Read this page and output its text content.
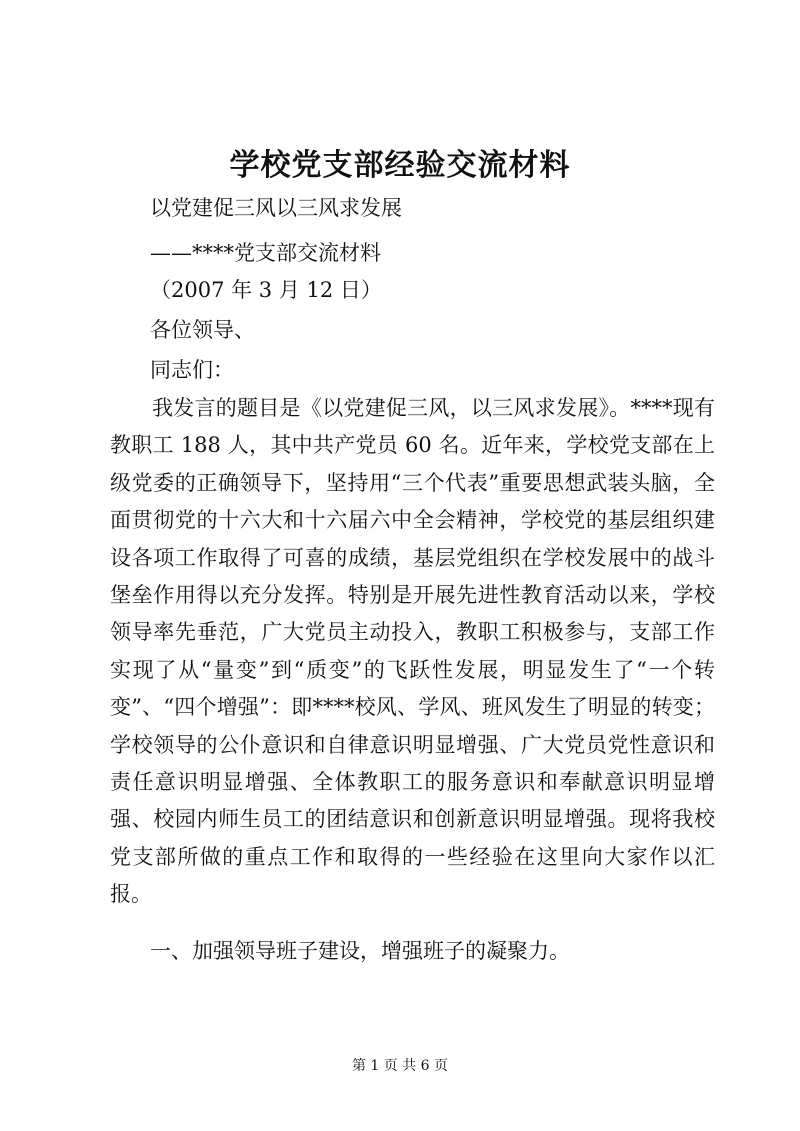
学校党支部经验交流材料
以党建促三风以三风求发展
——****党支部交流材料
（2007 年 3 月 12 日）
各位领导、
同志们：

我发言的题目是《以党建促三风，以三风求发展》。****现有教职工 188 人，其中共产党员 60 名。近年来，学校党支部在上级党委的正确领导下，坚持用“三个代表”重要思想武装头脑，全面贯彻党的十六大和十六届六中全会精神，学校党的基层组织建设各项工作取得了可喜的成绩，基层党组织在学校发展中的战斗堡垒作用得以充分发挥。特别是开展先进性教育活动以来，学校领导率先垂范，广大党员主动投入，教职工积极参与，支部工作实现了从“量变”到“质变”的飞跃性发展，明显发生了“一个转变”、“四个增强”：即****校风、学风、班风发生了明显的转变；学校领导的公仆意识和自律意识明显增强、广大党员党性意识和责任意识明显增强、全体教职工的服务意识和奉献意识明显增强、校园内师生员工的团结意识和创新意识明显增强。现将我校党支部所做的重点工作和取得的一些经验在这里向大家作以汇报。

一、加强领导班子建设，增强班子的凝聚力。
第 1 页 共 6 页
